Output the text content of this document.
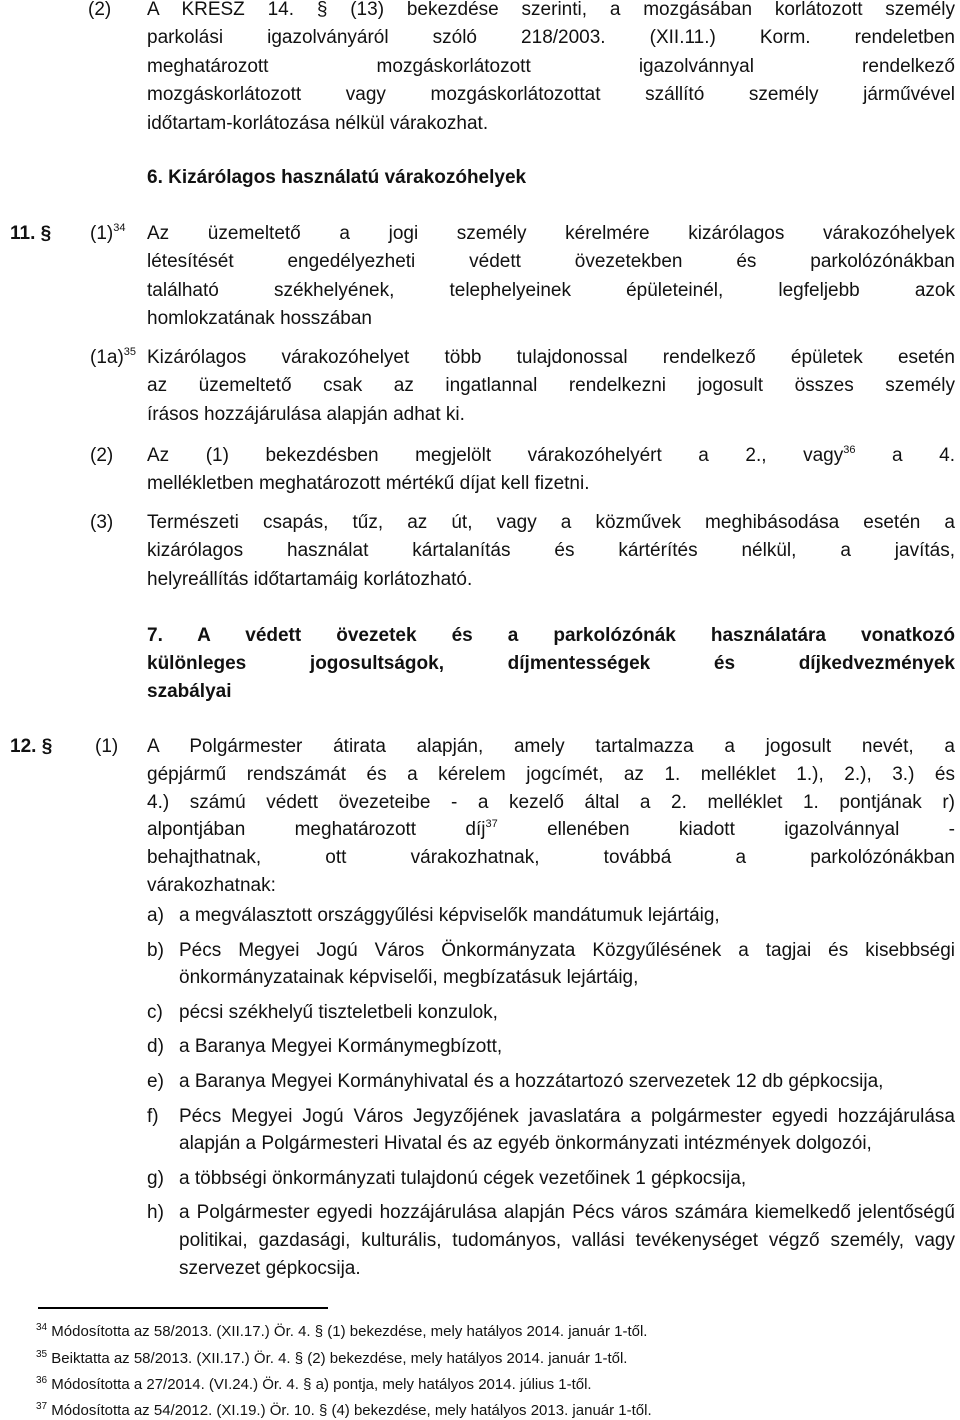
(2) A KRESZ 14. § (13) bekezdése szerinti, a mozgásában korlátozott személy
parkolási igazolványáról szóló 218/2003. (XII.11.) Korm. rendeletben
meghatározott mozgáskorlátozott igazolvánnyal rendelkező
mozgáskorlátozott vagy mozgáskorlátozottat szállító személy járművével
időtartam-korlátozása nélkül várakozhat.
6. Kizárólagos használatú várakozóhelyek
11. § $(1)^{34}$ Az üzemeltető a jogi személy kérelmére kizárólagos várakozóhelyek
létesítését engedélyezheti védett övezetekben és parkolózónákban
található székhelyének, telephelyeinek épületeinél, legfeljebb azok
homlokzatának hosszában
$(1a)^{35}$ Kizárólagos várakozóhelyet több tulajdonossal rendelkező épületek esetén
az üzemeltető csak az ingatlannal rendelkezni jogosult összes személy
írásos hozzájárulása alapján adhat ki.
(2) Az (1) bekezdésben megjelölt várakozóhelyért a 2., vagy$^{36}$ a 4.
mellékletben meghatározott mértékű díjat kell fizetni.
(3) Természeti csapás, tűz, az út, vagy a közművek meghibásodása esetén a
kizárólagos használat kártalanítás és kártérítés nélkül, a javítás,
helyreállítás időtartamáig korlátozható.
7. A védett övezetek és a parkolózónák használatára vonatkozó
különleges jogosultságok, díjmentességek és díjkedvezmények
szabályai
12. § (1) A Polgármester átirata alapján, amely tartalmazza a jogosult nevét, a
gépjármű rendszámát és a kérelem jogcímét, az 1. melléklet 1.), 2.), 3.) és
4.) számú védett övezeteibe - a kezelő által a 2. melléklet 1. pontjának r)
alpontjában meghatározott díj$^{37}$ ellenében kiadott igazolvánnyal -
behajthatnak, ott várakozhatnak, továbbá a parkolózónákban
várakozhatnak:
a) a megválasztott országgyűlési képviselők mandátumuk lejártáig,
b) Pécs Megyei Jogú Város Önkormányzata Közgyűlésének a tagjai és kisebbségi önkormányzatainak képviselői, megbízatásuk lejártáig,
c) pécsi székhelyű tiszteletbeli konzulok,
d) a Baranya Megyei Kormánymegbízott,
e) a Baranya Megyei Kormányhivatal és a hozzátartozó szervezetek 12 db gépkocsija,
f) Pécs Megyei Jogú Város Jegyzőjének javaslatára a polgármester egyedi hozzájárulása alapján a Polgármesteri Hivatal és az egyéb önkormányzati intézmények dolgozói,
g) a többségi önkormányzati tulajdonú cégek vezetőinek 1 gépkocsija,
h) a Polgármester egyedi hozzájárulása alapján Pécs város számára kiemelkedő jelentőségű politikai, gazdasági, kulturális, tudományos, vallási tevékenységet végző személy, vagy szervezet gépkocsija.
$^{34}$ Módosította az 58/2013. (XII.17.) Ör. 4. § (1) bekezdése, mely hatályos 2014. január 1-től.
$^{35}$ Beiktatta az 58/2013. (XII.17.) Ör. 4. § (2) bekezdése, mely hatályos 2014. január 1-től.
$^{36}$ Módosította a 27/2014. (VI.24.) Ör. 4. § a) pontja, mely hatályos 2014. július 1-től.
$^{37}$ Módosította az 54/2012. (XI.19.) Ör. 10. § (4) bekezdése, mely hatályos 2013. január 1-től.
